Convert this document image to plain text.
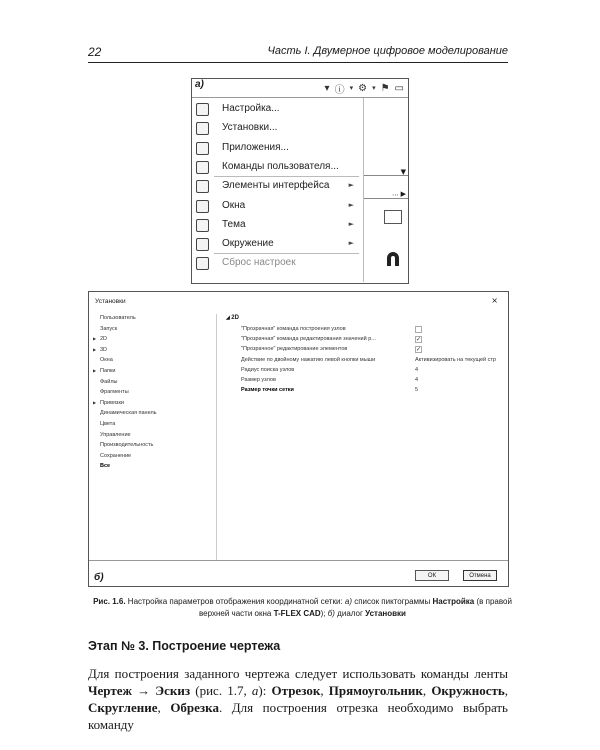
22	Часть I. Двумерное цифровое моделирование
а)	▾ ⓘ ▾ ⚙ ▾ ⚑ ▭
Настройка...
Установки...
Приложения...
Команды пользователя...
Элементы интерфейса	►
Окна	►
Тема	►
Окружение	►
Сброс настроек
▼
⋯ ▶
Установки	×
Пользователь
Запуск
▶ 2D
▶ 3D
Окна
▶ Папки
Файлы
Фрагменты
▶ Привязки
Динамическая панель
Цвета
Управление
Производительность
Сохранение
Все
◢ 2D
"Прозрачная" команда построения узлов
"Прозрачная" команда редактирования значений р...	✓
"Прозрачное" редактирование элементов	✓
Действие по двойному нажатию левой кнопки мыши	Активизировать на текущей стр
Радиус поиска узлов	4
Размер узлов	4
Размер точки сетки	5
б)	ОК	Отмена
Рис. 1.6. Настройка параметров отображения координатной сетки: а) список пиктограммы Настройка (в правой верхней части окна T-FLEX CAD); б) диалог Установки
Этап № 3. Построение чертежа
Для построения заданного чертежа следует использовать команды ленты Чертеж → Эскиз (рис. 1.7, а): Отрезок, Прямоугольник, Окружность, Скругление, Обрезка. Для построения отрезка необходимо выбрать команду
